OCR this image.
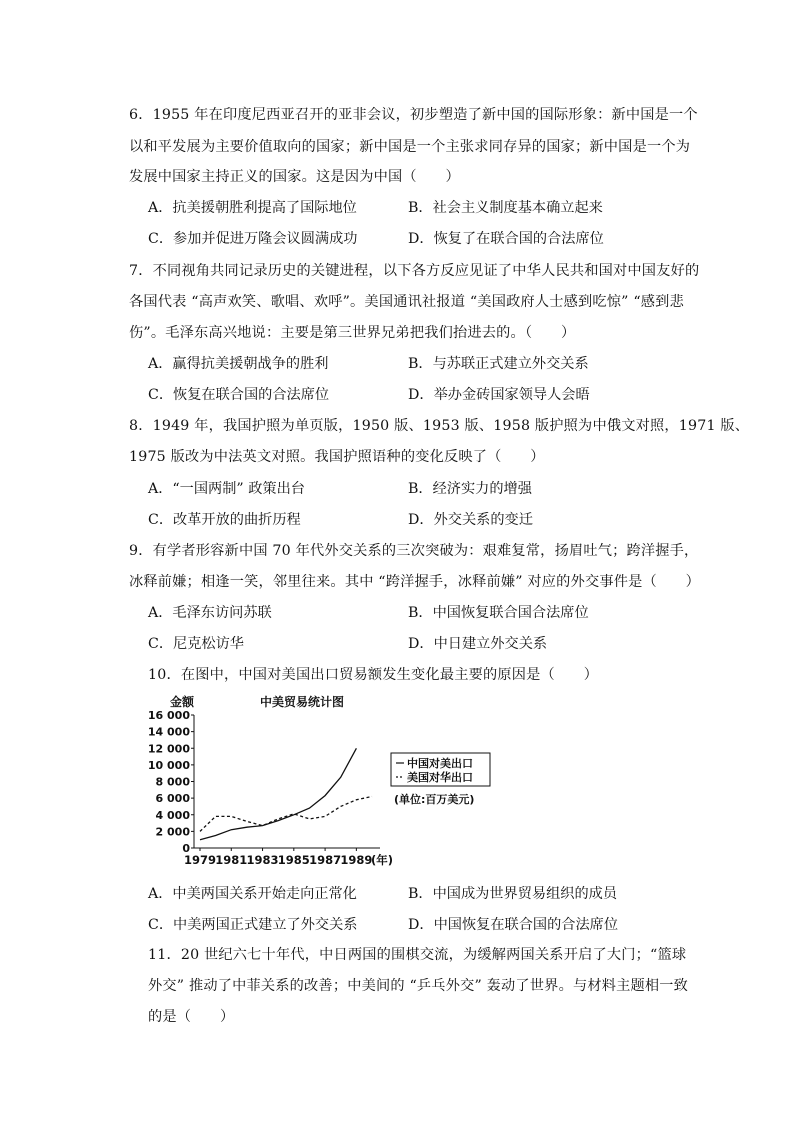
6．1955 年在印度尼西亚召开的亚非会议，初步塑造了新中国的国际形象：新中国是一个
以和平发展为主要价值取向的国家；新中国是一个主张求同存异的国家；新中国是一个为
发展中国家主持正义的国家。这是因为中国（　　）
A．抗美援朝胜利提高了国际地位	B．社会主义制度基本确立起来
C．参加并促进万隆会议圆满成功	D．恢复了在联合国的合法席位
7．不同视角共同记录历史的关键进程，以下各方反应见证了中华人民共和国对中国友好的
各国代表 “高声欢笑、歌唱、欢呼”。美国通讯社报道 “美国政府人士感到吃惊” “感到悲
伤”。毛泽东高兴地说：主要是第三世界兄弟把我们抬进去的。（　　）
A．赢得抗美援朝战争的胜利	B．与苏联正式建立外交关系
C．恢复在联合国的合法席位	D．举办金砖国家领导人会晤
8．1949 年，我国护照为单页版，1950 版、1953 版、1958 版护照为中俄文对照，1971 版、
1975 版改为中法英文对照。我国护照语种的变化反映了（　　）
A．“一国两制” 政策出台	B．经济实力的增强
C．改革开放的曲折历程	D．外交关系的变迁
9．有学者形容新中国 70 年代外交关系的三次突破为：艰难复常，扬眉吐气；跨洋握手，
冰释前嫌；相逢一笑，邻里往来。其中 “跨洋握手，冰释前嫌” 对应的外交事件是（　　）
A．毛泽东访问苏联	B．中国恢复联合国合法席位
C．尼克松访华	D．中日建立外交关系
10．在图中，中国对美国出口贸易额发生变化最主要的原因是（　　）
金额	中美贸易统计图
0
2 000
4 000
6 000
8 000
10 000
12 000
14 000
16 000
1979 1981 1983 1985 1987 1989
(年)
中国对美出口
美国对华出口
(单位:百万美元)
A．中美两国关系开始走向正常化	B．中国成为世界贸易组织的成员
C．中美两国正式建立了外交关系	D．中国恢复在联合国的合法席位
11．20 世纪六七十年代，中日两国的围棋交流，为缓解两国关系开启了大门；“篮球
外交” 推动了中菲关系的改善；中美间的 “乒乓外交” 轰动了世界。与材料主题相一致
的是（　　）
